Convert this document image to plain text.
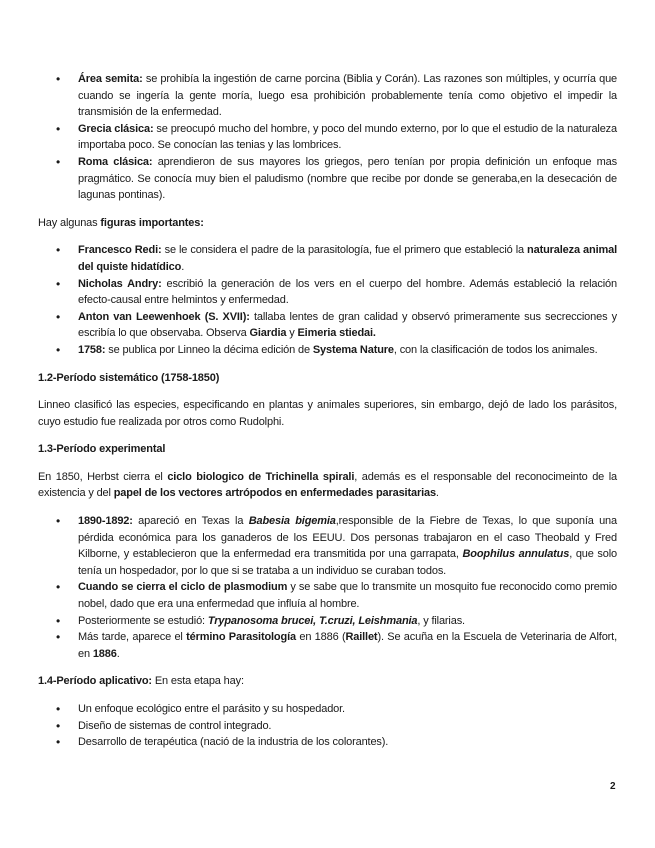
• Área semita: se prohibía la ingestión de carne porcina (Biblia y Corán). Las razones son múltiples, y ocurría que cuando se ingería la gente moría, luego esa prohibición probablemente tenía como objetivo el impedir la transmisión de la enfermedad.
• Grecia clásica: se preocupó mucho del hombre, y poco del mundo externo, por lo que el estudio de la naturaleza importaba poco. Se conocían las tenias y las lombrices.
• Roma clásica: aprendieron de sus mayores los griegos, pero tenían por propia definición un enfoque mas pragmático. Se conocía muy bien el paludismo (nombre que recibe por donde se generaba,en la desecación de lagunas pontinas).

Hay algunas figuras importantes:

• Francesco Redi: se le considera el padre de la parasitología, fue el primero que estableció la naturaleza animal del quiste hidatídico.
• Nicholas Andry: escribió la generación de los vers en el cuerpo del hombre. Además estableció la relación efecto-causal entre helmintos y enfermedad.
• Anton van Leewenhoek (S. XVII): tallaba lentes de gran calidad y observó primeramente sus secrecciones y escribía lo que observaba. Observa Giardia y Eimeria stiedai.
• 1758: se publica por Linneo la décima edición de Systema Nature, con la clasificación de todos los animales.

1.2-Período sistemático (1758-1850)

Linneo clasificó las especies, especificando en plantas y animales superiores, sin embargo, dejó de lado los parásitos, cuyo estudio fue realizada por otros como Rudolphi.

1.3-Período experimental

En 1850, Herbst cierra el ciclo biologico de Trichinella spirali, además es el responsable del reconocimeinto de la existencia y del papel de los vectores artrópodos en enfermedades parasitarias.

• 1890-1892: apareció en Texas la Babesia bigemia,responsible de la Fiebre de Texas, lo que suponía una pérdida económica para los ganaderos de los EEUU. Dos personas trabajaron en el caso Theobald y Fred Kilborne, y establecieron que la enfermedad era transmitida por una garrapata, Boophilus annulatus, que solo tenía un hospedador, por lo que si se trataba a un individuo se curaban todos.
• Cuando se cierra el ciclo de plasmodium y se sabe que lo transmite un mosquito fue reconocido como premio nobel, dado que era una enfermedad que influía al hombre.
• Posteriormente se estudió: Trypanosoma brucei, T.cruzi, Leishmania, y filarias.
• Más tarde, aparece el término Parasitología en 1886 (Raillet). Se acuña en la Escuela de Veterinaria de Alfort, en 1886.

1.4-Período aplicativo: En esta etapa hay:

• Un enfoque ecológico entre el parásito y su hospedador.
• Diseño de sistemas de control integrado.
• Desarrollo de terapéutica (nació de la industria de los colorantes).
2
